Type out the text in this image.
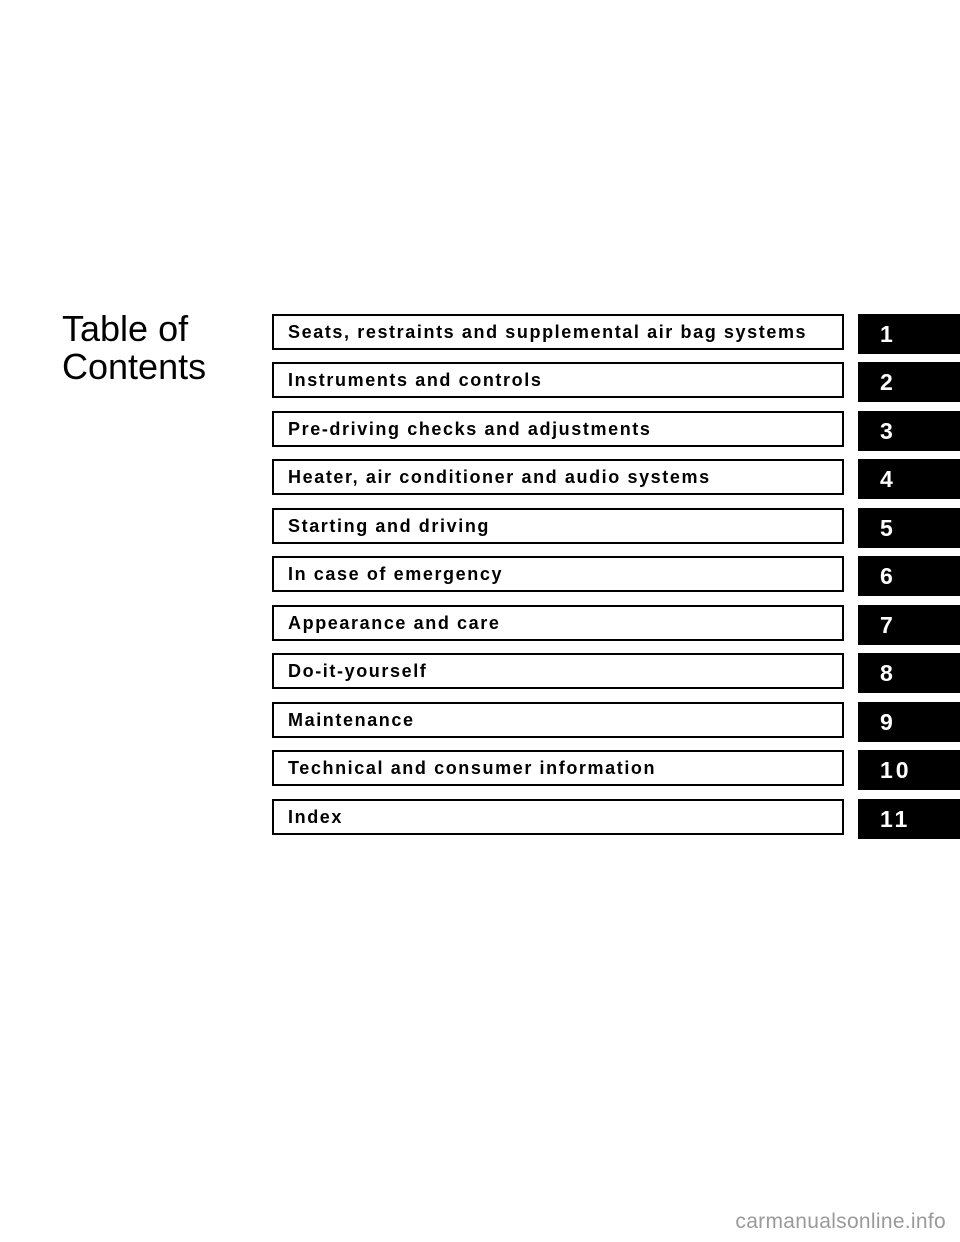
Table of
Contents
Seats, restraints and supplemental air bag systems	1
Instruments and controls	2
Pre-driving checks and adjustments	3
Heater, air conditioner and audio systems	4
Starting and driving	5
In case of emergency	6
Appearance and care	7
Do-it-yourself	8
Maintenance	9
Technical and consumer information	10
Index	11
carmanualsonline.info
